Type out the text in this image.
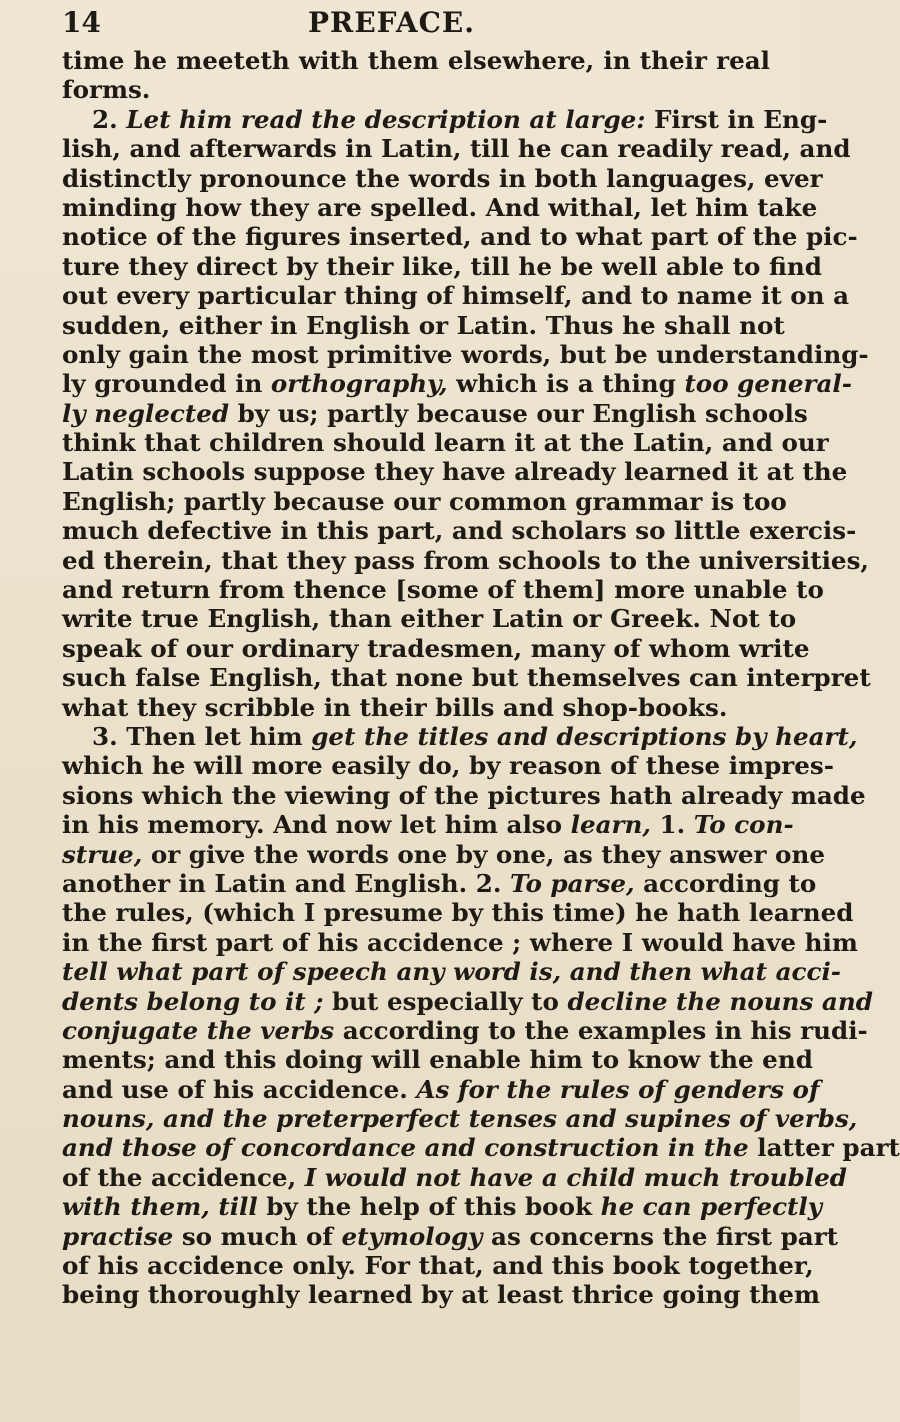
14	PREFACE.
time he meeteth with them elsewhere, in their real
forms.
2. Let him read the description at large: First in Eng-
lish, and afterwards in Latin, till he can readily read, and
distinctly pronounce the words in both languages, ever
minding how they are spelled. And withal, let him take
notice of the figures inserted, and to what part of the pic-
ture they direct by their like, till he be well able to find
out every particular thing of himself, and to name it on a
sudden, either in English or Latin. Thus he shall not
only gain the most primitive words, but be understanding-
ly grounded in orthography, which is a thing too general-
ly neglected by us; partly because our English schools
think that children should learn it at the Latin, and our
Latin schools suppose they have already learned it at the
English; partly because our common grammar is too
much defective in this part, and scholars so little exercis-
ed therein, that they pass from schools to the universities,
and return from thence [some of them] more unable to
write true English, than either Latin or Greek. Not to
speak of our ordinary tradesmen, many of whom write
such false English, that none but themselves can interpret
what they scribble in their bills and shop-books.
3. Then let him get the titles and descriptions by heart,
which he will more easily do, by reason of these impres-
sions which the viewing of the pictures hath already made
in his memory. And now let him also learn, 1. To con-
strue, or give the words one by one, as they answer one
another in Latin and English. 2. To parse, according to
the rules, (which I presume by this time) he hath learned
in the first part of his accidence ; where I would have him
tell what part of speech any word is, and then what acci-
dents belong to it ; but especially to decline the nouns and
conjugate the verbs according to the examples in his rudi-
ments; and this doing will enable him to know the end
and use of his accidence. As for the rules of genders of
nouns, and the preterperfect tenses and supines of verbs,
and those of concordance and construction in the latter part
of the accidence, I would not have a child much troubled
with them, till by the help of this book he can perfectly
practise so much of etymology as concerns the first part
of his accidence only. For that, and this book together,
being thoroughly learned by at least thrice going them
